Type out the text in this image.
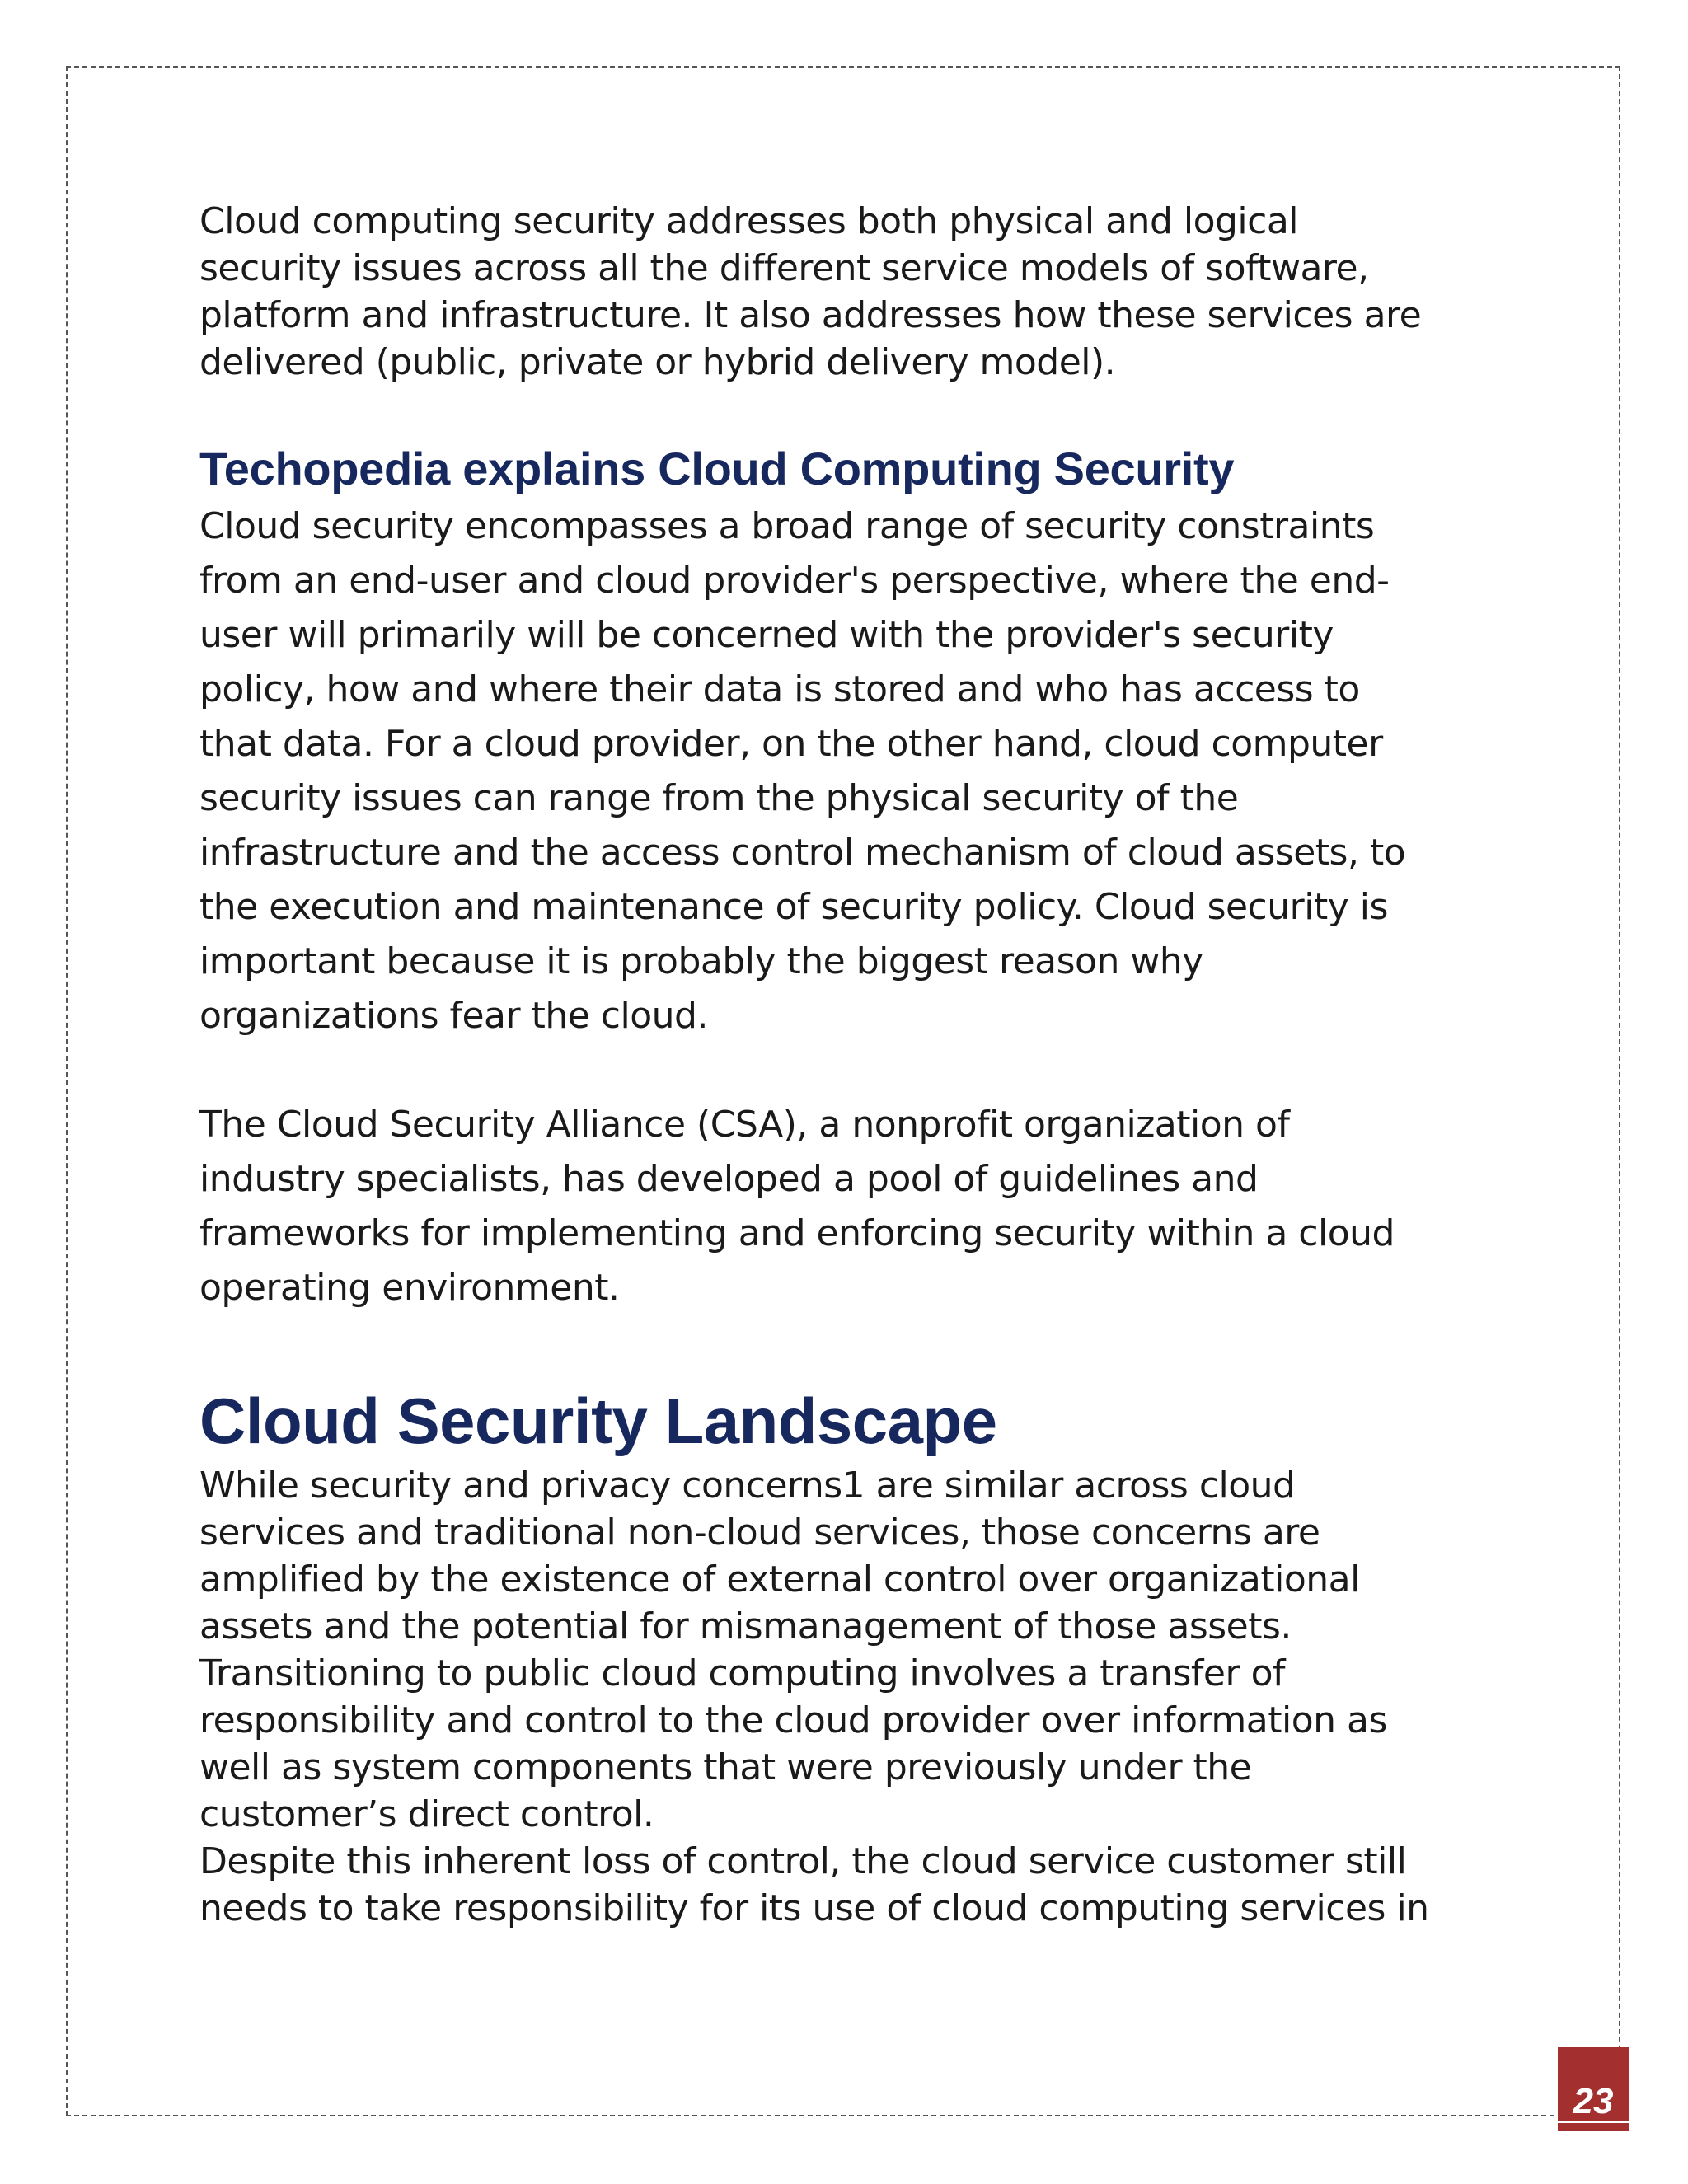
Cloud computing security addresses both physical and logical
security issues across all the different service models of software,
platform and infrastructure. It also addresses how these services are
delivered (public, private or hybrid delivery model).

Techopedia explains Cloud Computing Security

Cloud security encompasses a broad range of security constraints
from an end-user and cloud provider's perspective, where the end-
user will primarily will be concerned with the provider's security
policy, how and where their data is stored and who has access to
that data. For a cloud provider, on the other hand, cloud computer
security issues can range from the physical security of the
infrastructure and the access control mechanism of cloud assets, to
the execution and maintenance of security policy. Cloud security is
important because it is probably the biggest reason why
organizations fear the cloud.

The Cloud Security Alliance (CSA), a nonprofit organization of
industry specialists, has developed a pool of guidelines and
frameworks for implementing and enforcing security within a cloud
operating environment.

Cloud Security Landscape

While security and privacy concerns1 are similar across cloud
services and traditional non-cloud services, those concerns are
amplified by the existence of external control over organizational
assets and the potential for mismanagement of those assets.
Transitioning to public cloud computing involves a transfer of
responsibility and control to the cloud provider over information as
well as system components that were previously under the
customer’s direct control.

Despite this inherent loss of control, the cloud service customer still
needs to take responsibility for its use of cloud computing services in

23
